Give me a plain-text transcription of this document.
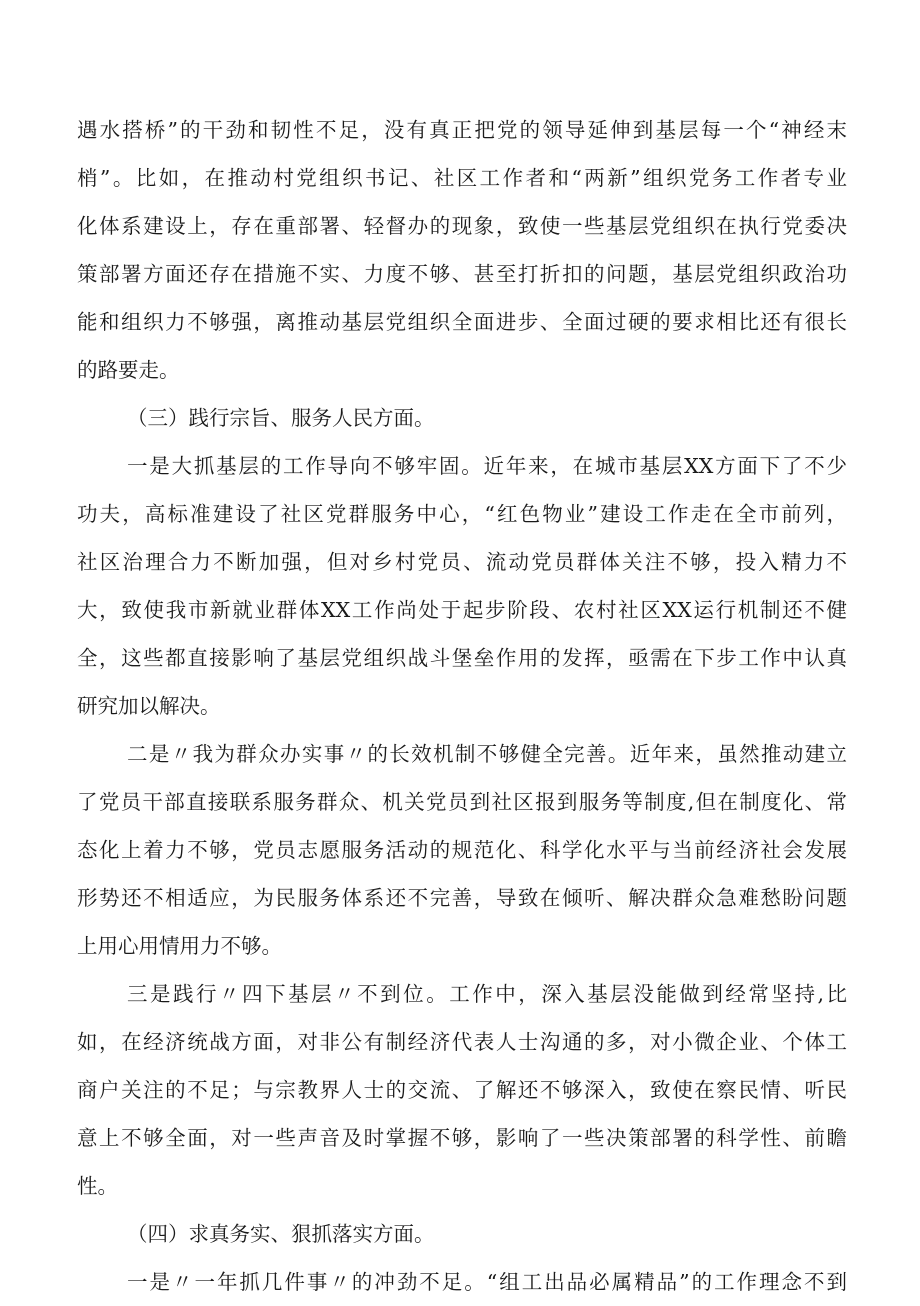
遇水搭桥”的干劲和韧性不足，没有真正把党的领导延伸到基层每一个“神经末

梢”。比如，在推动村党组织书记、社区工作者和“两新”组织党务工作者专业

化体系建设上，存在重部署、轻督办的现象，致使一些基层党组织在执行党委决

策部署方面还存在措施不实、力度不够、甚至打折扣的问题，基层党组织政治功

能和组织力不够强，离推动基层党组织全面进步、全面过硬的要求相比还有很长

的路要走。

（三）践行宗旨、服务人民方面。

一是大抓基层的工作导向不够牢固。近年来，在城市基层XX方面下了不少

功夫，高标准建设了社区党群服务中心，“红色物业”建设工作走在全市前列，

社区治理合力不断加强，但对乡村党员、流动党员群体关注不够，投入精力不

大，致使我市新就业群体XX工作尚处于起步阶段、农村社区XX运行机制还不健

全，这些都直接影响了基层党组织战斗堡垒作用的发挥，亟需在下步工作中认真

研究加以解决。

二是〃我为群众办实事〃的长效机制不够健全完善。近年来，虽然推动建立

了党员干部直接联系服务群众、机关党员到社区报到服务等制度,但在制度化、常

态化上着力不够，党员志愿服务活动的规范化、科学化水平与当前经济社会发展

形势还不相适应，为民服务体系还不完善，导致在倾听、解决群众急难愁盼问题

上用心用情用力不够。

三是践行〃四下基层〃不到位。工作中，深入基层没能做到经常坚持,比

如，在经济统战方面，对非公有制经济代表人士沟通的多，对小微企业、个体工

商户关注的不足；与宗教界人士的交流、了解还不够深入，致使在察民情、听民

意上不够全面，对一些声音及时掌握不够，影响了一些决策部署的科学性、前瞻

性。

（四）求真务实、狠抓落实方面。

一是〃一年抓几件事〃的冲劲不足。“组工出品必属精品”的工作理念不到
